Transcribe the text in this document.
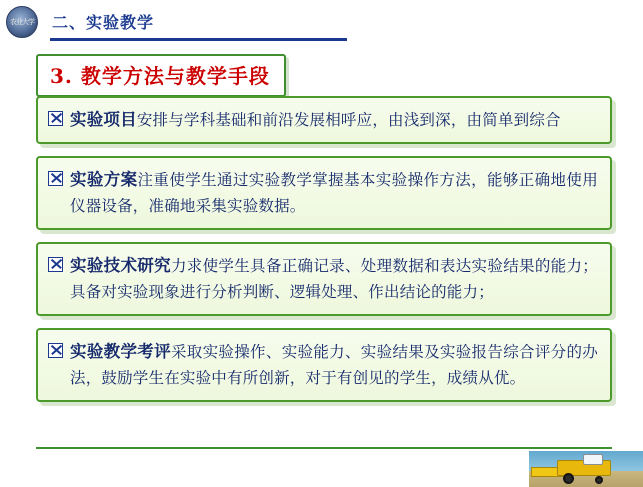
农业大学 二、实验教学
3. 教学方法与教学手段
实验项目安排与学科基础和前沿发展相呼应，由浅到深，由简单到综合
实验方案注重使学生通过实验教学掌握基本实验操作方法，能够正确地使用仪器设备，准确地采集实验数据。
实验技术研究力求使学生具备正确记录、处理数据和表达实验结果的能力；具备对实验现象进行分析判断、逻辑处理、作出结论的能力；
实验教学考评采取实验操作、实验能力、实验结果及实验报告综合评分的办法，鼓励学生在实验中有所创新，对于有创见的学生，成绩从优。
